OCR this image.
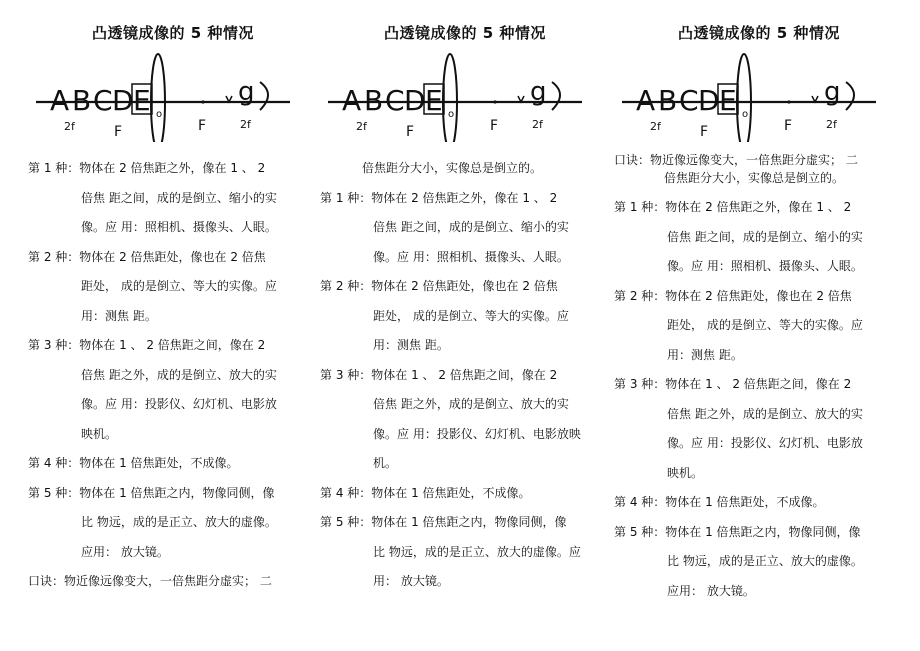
凸透镜成像的 5 种情况
A B C D E
2f	F
o
F
g
2f
第 1 种：物体在 2 倍焦距之外，像在 1 、 2
倍焦 距之间，成的是倒立、缩小的实
像。应 用：照相机、摄像头、人眼。
第 2 种：物体在 2 倍焦距处，像也在 2 倍焦
距处， 成的是倒立、等大的实像。应
用：测焦 距。
第 3 种：物体在 1 、 2 倍焦距之间，像在 2
倍焦 距之外，成的是倒立、放大的实
像。应 用：投影仪、幻灯机、电影放
映机。
第 4 种：物体在 1 倍焦距处，不成像。
第 5 种：物体在 1 倍焦距之内，物像同侧，像
比 物远，成的是正立、放大的虚像。
应用： 放大镜。
口诀：物近像远像变大，一倍焦距分虚实； 二
凸透镜成像的 5 种情况
A B C D E
2f	F
o
F
g
2f
倍焦距分大小，实像总是倒立的。
第 1 种：物体在 2 倍焦距之外，像在 1 、 2
倍焦 距之间，成的是倒立、缩小的实
像。应 用：照相机、摄像头、人眼。
第 2 种：物体在 2 倍焦距处，像也在 2 倍焦
距处， 成的是倒立、等大的实像。应
用：测焦 距。
第 3 种：物体在 1 、 2 倍焦距之间，像在 2
倍焦 距之外，成的是倒立、放大的实
像。应 用：投影仪、幻灯机、电影放映
机。
第 4 种：物体在 1 倍焦距处，不成像。
第 5 种：物体在 1 倍焦距之内，物像同侧，像
比 物远，成的是正立、放大的虚像。应
用： 放大镜。
凸透镜成像的 5 种情况
A B C D E
2f	F
o
F
g
2f
口诀：物近像远像变大，一倍焦距分虚实； 二
倍焦距分大小，实像总是倒立的。
第 1 种：物体在 2 倍焦距之外，像在 1 、 2
倍焦 距之间，成的是倒立、缩小的实
像。应 用：照相机、摄像头、人眼。
第 2 种：物体在 2 倍焦距处，像也在 2 倍焦
距处， 成的是倒立、等大的实像。应
用：测焦 距。
第 3 种：物体在 1 、 2 倍焦距之间，像在 2
倍焦 距之外，成的是倒立、放大的实
像。应 用：投影仪、幻灯机、电影放
映机。
第 4 种：物体在 1 倍焦距处，不成像。
第 5 种：物体在 1 倍焦距之内，物像同侧，像
比 物远，成的是正立、放大的虚像。
应用： 放大镜。
